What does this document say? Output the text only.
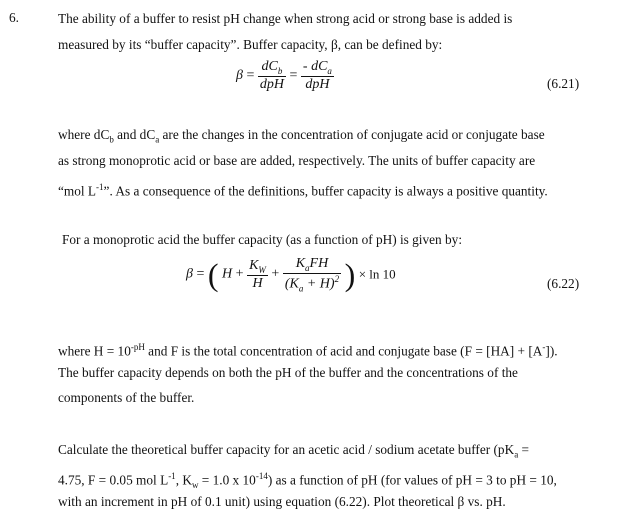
6.	The ability of a buffer to resist pH change when strong acid or strong base is added is
measured by its “buffer capacity”. Buffer capacity, β, can be defined by:
$\beta = \frac{dC_b}{\text{dpH}} = \frac{- dC_a}{\text{dpH}}$	(6.21)
where $dC_b$ and $dC_a$ are the changes in the concentration of conjugate acid or conjugate base
as strong monoprotic acid or base are added, respectively. The units of buffer capacity are
“mol $L^{-1}$”. As a consequence of the definitions, buffer capacity is always a positive quantity.
For a monoprotic acid the buffer capacity (as a function of pH) is given by:
β = ( $H + \frac{K_W}{H} + \frac{K_aFH}{(K_a + H)^2}$ ) × ln 10
(6.22)
where $H = 10^{-pH}$ and F is the total concentration of acid and conjugate base (F = [HA] + [A-]).
The buffer capacity depends on both the pH of the buffer and the concentrations of the
components of the buffer.
Calculate the theoretical buffer capacity for an acetic acid / sodium acetate buffer ($pK_a$ =
4.75, F = 0.05 mol $L^{-1}$, $K_w = 1.0$ x $10^{-14}$) as a function of pH (for values of pH = 3 to pH = 10,
with an increment in pH of 0.1 unit) using equation (6.22). Plot theoretical β vs. pH.
